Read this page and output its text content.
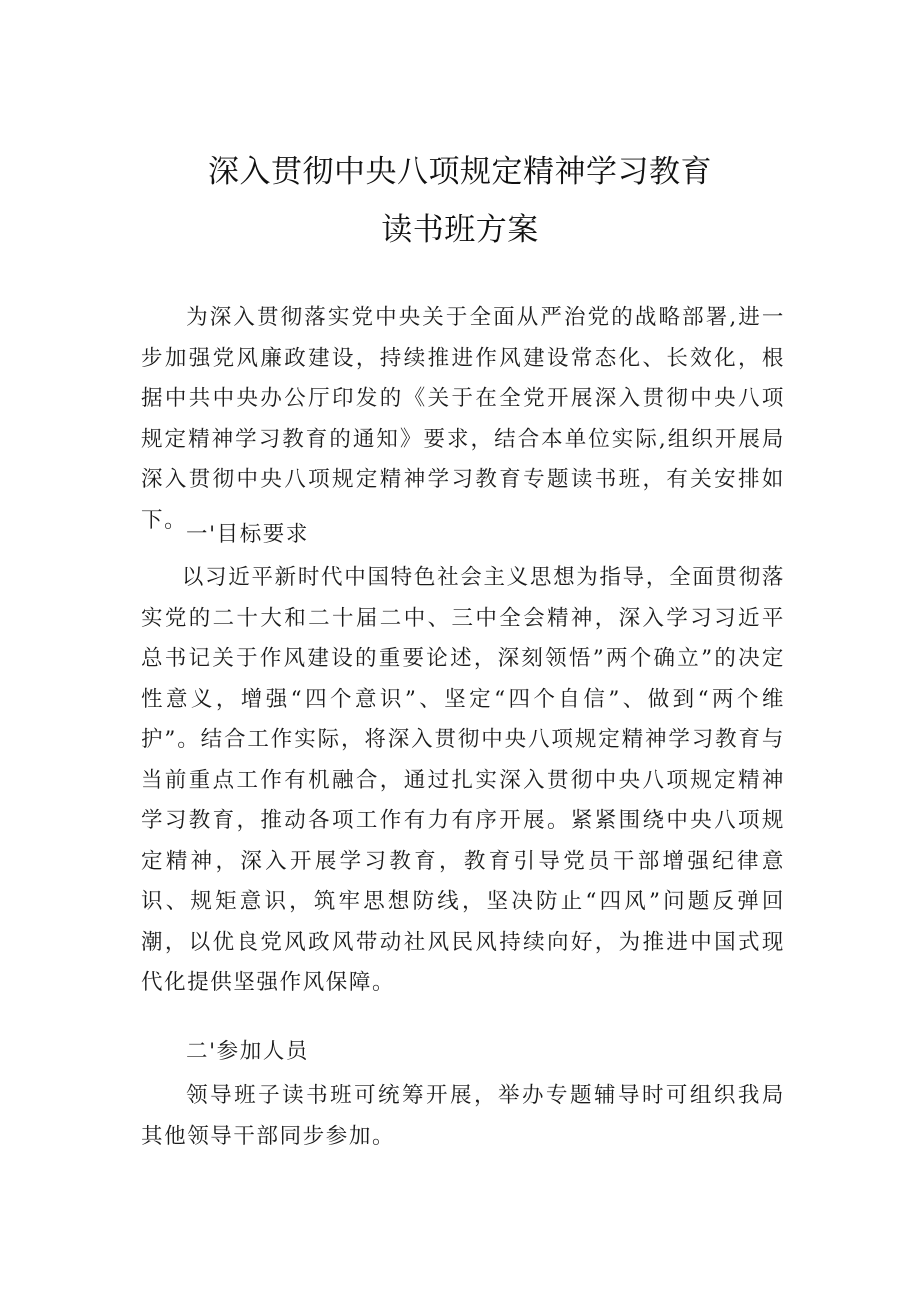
深入贯彻中央八项规定精神学习教育
读书班方案

为深入贯彻落实党中央关于全面从严治党的战略部署,进一步加强党风廉政建设，持续推进作风建设常态化、长效化，根据中共中央办公厅印发的《关于在全党开展深入贯彻中央八项规定精神学习教育的通知》要求，结合本单位实际,组织开展局深入贯彻中央八项规定精神学习教育专题读书班，有关安排如下。

一'目标要求

以习近平新时代中国特色社会主义思想为指导，全面贯彻落实党的二十大和二十届二中、三中全会精神，深入学习习近平总书记关于作风建设的重要论述，深刻领悟”两个确立”的决定性意义，增强“四个意识”、坚定“四个自信”、做到“两个维护”。结合工作实际，将深入贯彻中央八项规定精神学习教育与当前重点工作有机融合，通过扎实深入贯彻中央八项规定精神学习教育，推动各项工作有力有序开展。紧紧围绕中央八项规定精神，深入开展学习教育，教育引导党员干部增强纪律意识、规矩意识，筑牢思想防线，坚决防止“四风”问题反弹回潮，以优良党风政风带动社风民风持续向好，为推进中国式现代化提供坚强作风保障。

二'参加人员

领导班子读书班可统筹开展，举办专题辅导时可组织我局其他领导干部同步参加。
